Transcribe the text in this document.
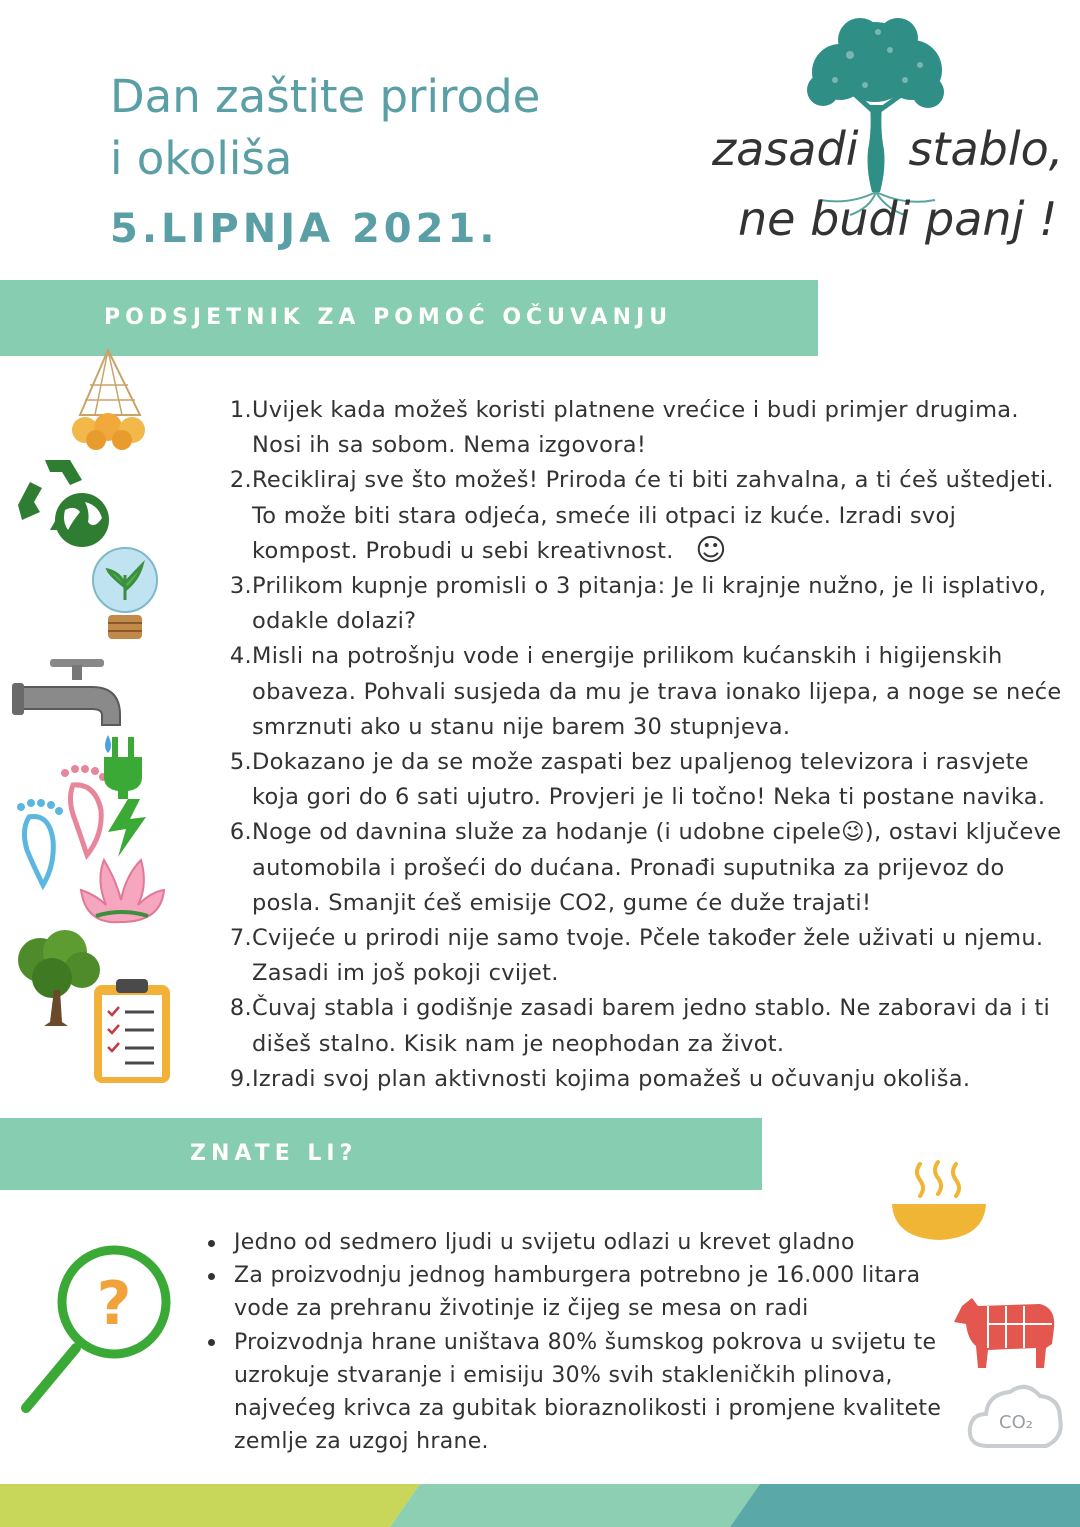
Dan zaštite prirode
i okoliša
5.LIPNJA 2021.
zasadi stablo,
ne budi panj !
PODSJETNIK ZA POMOĆ OČUVANJU OKOLIŠA
1. Uvijek kada možeš koristi platnene vrećice i budi primjer drugima. Nosi ih sa sobom. Nema izgovora!
2. Recikliraj sve što možeš! Priroda će ti biti zahvalna, a ti ćeš uštedjeti. To može biti stara odjeća, smeće ili otpaci iz kuće. Izradi svoj kompost. Probudi u sebi kreativnost. ☺
3. Prilikom kupnje promisli o 3 pitanja: Je li krajnje nužno, je li isplativo, odakle dolazi?
4. Misli na potrošnju vode i energije prilikom kućanskih i higijenskih obaveza. Pohvali susjeda da mu je trava ionako lijepa, a noge se neće smrznuti ako u stanu nije barem 30 stupnjeva.
5. Dokazano je da se može zaspati bez upaljenog televizora i rasvjete koja gori do 6 sati ujutro. Provjeri je li točno! Neka ti postane navika.
6. Noge od davnina služe za hodanje (i udobne cipele😉), ostavi ključeve automobila i prošeći do dućana. Pronađi suputnika za prijevoz do posla. Smanjit ćeš emisije CO2, gume će duže trajati!
7. Cvijeće u prirodi nije samo tvoje. Pčele također žele uživati u njemu. Zasadi im još pokoji cvijet.
8. Čuvaj stabla i godišnje zasadi barem jedno stablo. Ne zaboravi da i ti dišeš stalno. Kisik nam je neophodan za život.
9. Izradi svoj plan aktivnosti kojima pomažeš u očuvanju okoliša.
ZNATE LI?
?
Jedno od sedmero ljudi u svijetu odlazi u krevet gladno
Za proizvodnju jednog hamburgera potrebno je 16.000 litara vode za prehranu životinje iz čijeg se mesa on radi
Proizvodnja hrane uništava 80% šumskog pokrova u svijetu te uzrokuje stvaranje i emisiju 30% svih stakleničkih plinova, najvećeg krivca za gubitak bioraznolikosti i promjene kvalitete zemlje za uzgoj hrane.
CO₂
